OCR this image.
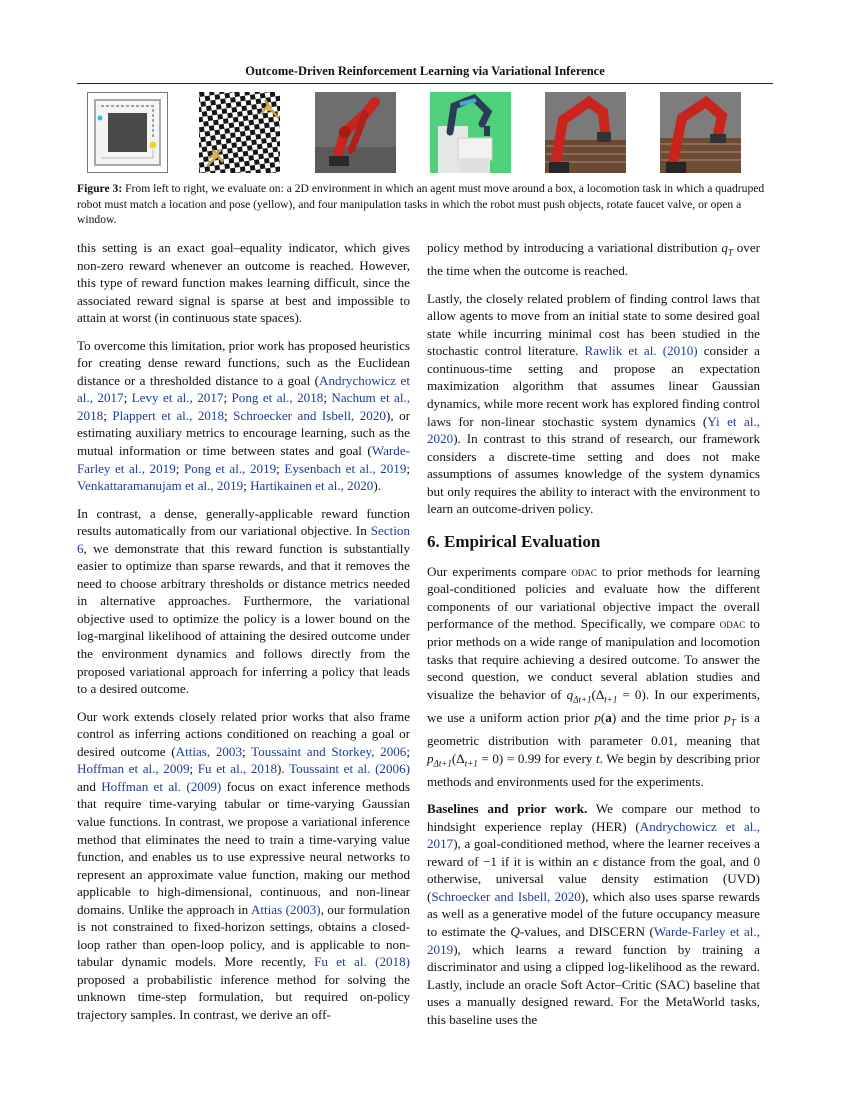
Outcome-Driven Reinforcement Learning via Variational Inference
Figure 3: From left to right, we evaluate on: a 2D environment in which an agent must move around a box, a locomotion task in which a quadruped robot must match a location and pose (yellow), and four manipulation tasks in which the robot must push objects, rotate faucet valve, or open a window.

this setting is an exact goal–equality indicator, which gives non-zero reward whenever an outcome is reached. However, this type of reward function makes learning difficult, since the associated reward signal is sparse at best and impossible to attain at worst (in continuous state spaces).

To overcome this limitation, prior work has proposed heuristics for creating dense reward functions, such as the Euclidean distance or a thresholded distance to a goal (Andrychowicz et al., 2017; Levy et al., 2017; Pong et al., 2018; Nachum et al., 2018; Plappert et al., 2018; Schroecker and Isbell, 2020), or estimating auxiliary metrics to encourage learning, such as the mutual information or time between states and goal (Warde-Farley et al., 2019; Pong et al., 2019; Eysenbach et al., 2019; Venkattaramanujam et al., 2019; Hartikainen et al., 2020).

In contrast, a dense, generally-applicable reward function results automatically from our variational objective. In Section 6, we demonstrate that this reward function is substantially easier to optimize than sparse rewards, and that it removes the need to choose arbitrary thresholds or distance metrics needed in alternative approaches. Furthermore, the variational objective used to optimize the policy is a lower bound on the log-marginal likelihood of attaining the desired outcome under the environment dynamics and follows directly from the proposed variational approach for inferring a policy that leads to a desired outcome.

Our work extends closely related prior works that also frame control as inferring actions conditioned on reaching a goal or desired outcome (Attias, 2003; Toussaint and Storkey, 2006; Hoffman et al., 2009; Fu et al., 2018). Toussaint et al. (2006) and Hoffman et al. (2009) focus on exact inference methods that require time-varying tabular or time-varying Gaussian value functions. In contrast, we propose a variational inference method that eliminates the need to train a time-varying value function, and enables us to use expressive neural networks to represent an approximate value function, making our method applicable to high-dimensional, continuous, and non-linear domains. Unlike the approach in Attias (2003), our formulation is not constrained to fixed-horizon settings, obtains a closed-loop rather than open-loop policy, and is applicable to non-tabular dynamic models. More recently, Fu et al. (2018) proposed a probabilistic inference method for solving the unknown time-step formulation, but required on-policy trajectory samples. In contrast, we derive an off-

policy method by introducing a variational distribution $q_T$ over the time when the outcome is reached.

Lastly, the closely related problem of finding control laws that allow agents to move from an initial state to some desired goal state while incurring minimal cost has been studied in the stochastic control literature. Rawlik et al. (2010) consider a continuous-time setting and propose an expectation maximization algorithm that assumes linear Gaussian dynamics, while more recent work has explored finding control laws for non-linear stochastic system dynamics (Yi et al., 2020). In contrast to this strand of research, our framework considers a discrete-time setting and does not make assumptions of assumes knowledge of the system dynamics but only requires the ability to interact with the environment to learn an outcome-driven policy.

6. Empirical Evaluation

Our experiments compare odac to prior methods for learning goal-conditioned policies and evaluate how the different components of our variational objective impact the overall performance of the method. Specifically, we compare odac to prior methods on a wide range of manipulation and locomotion tasks that require achieving a desired outcome. To answer the second question, we conduct several ablation studies and visualize the behavior of $q_{\Delta t+1}(\Delta_{t+1} = 0)$. In our experiments, we use a uniform action prior p(a) and the time prior $p_T$ is a geometric distribution with parameter 0.01, meaning that $p_{\Delta t+1}(\Delta_{t+1} = 0) = 0.99$ for every t. We begin by describing prior methods and environments used for the experiments.

Baselines and prior work. We compare our method to hindsight experience replay (HER) (Andrychowicz et al., 2017), a goal-conditioned method, where the learner receives a reward of −1 if it is within an ϵ distance from the goal, and 0 otherwise, universal value density estimation (UVD) (Schroecker and Isbell, 2020), which also uses sparse rewards as well as a generative model of the future occupancy measure to estimate the Q-values, and DISCERN (Warde-Farley et al., 2019), which learns a reward function by training a discriminator and using a clipped log-likelihood as the reward. Lastly, include an oracle Soft Actor–Critic (SAC) baseline that uses a manually designed reward. For the MetaWorld tasks, this baseline uses the
